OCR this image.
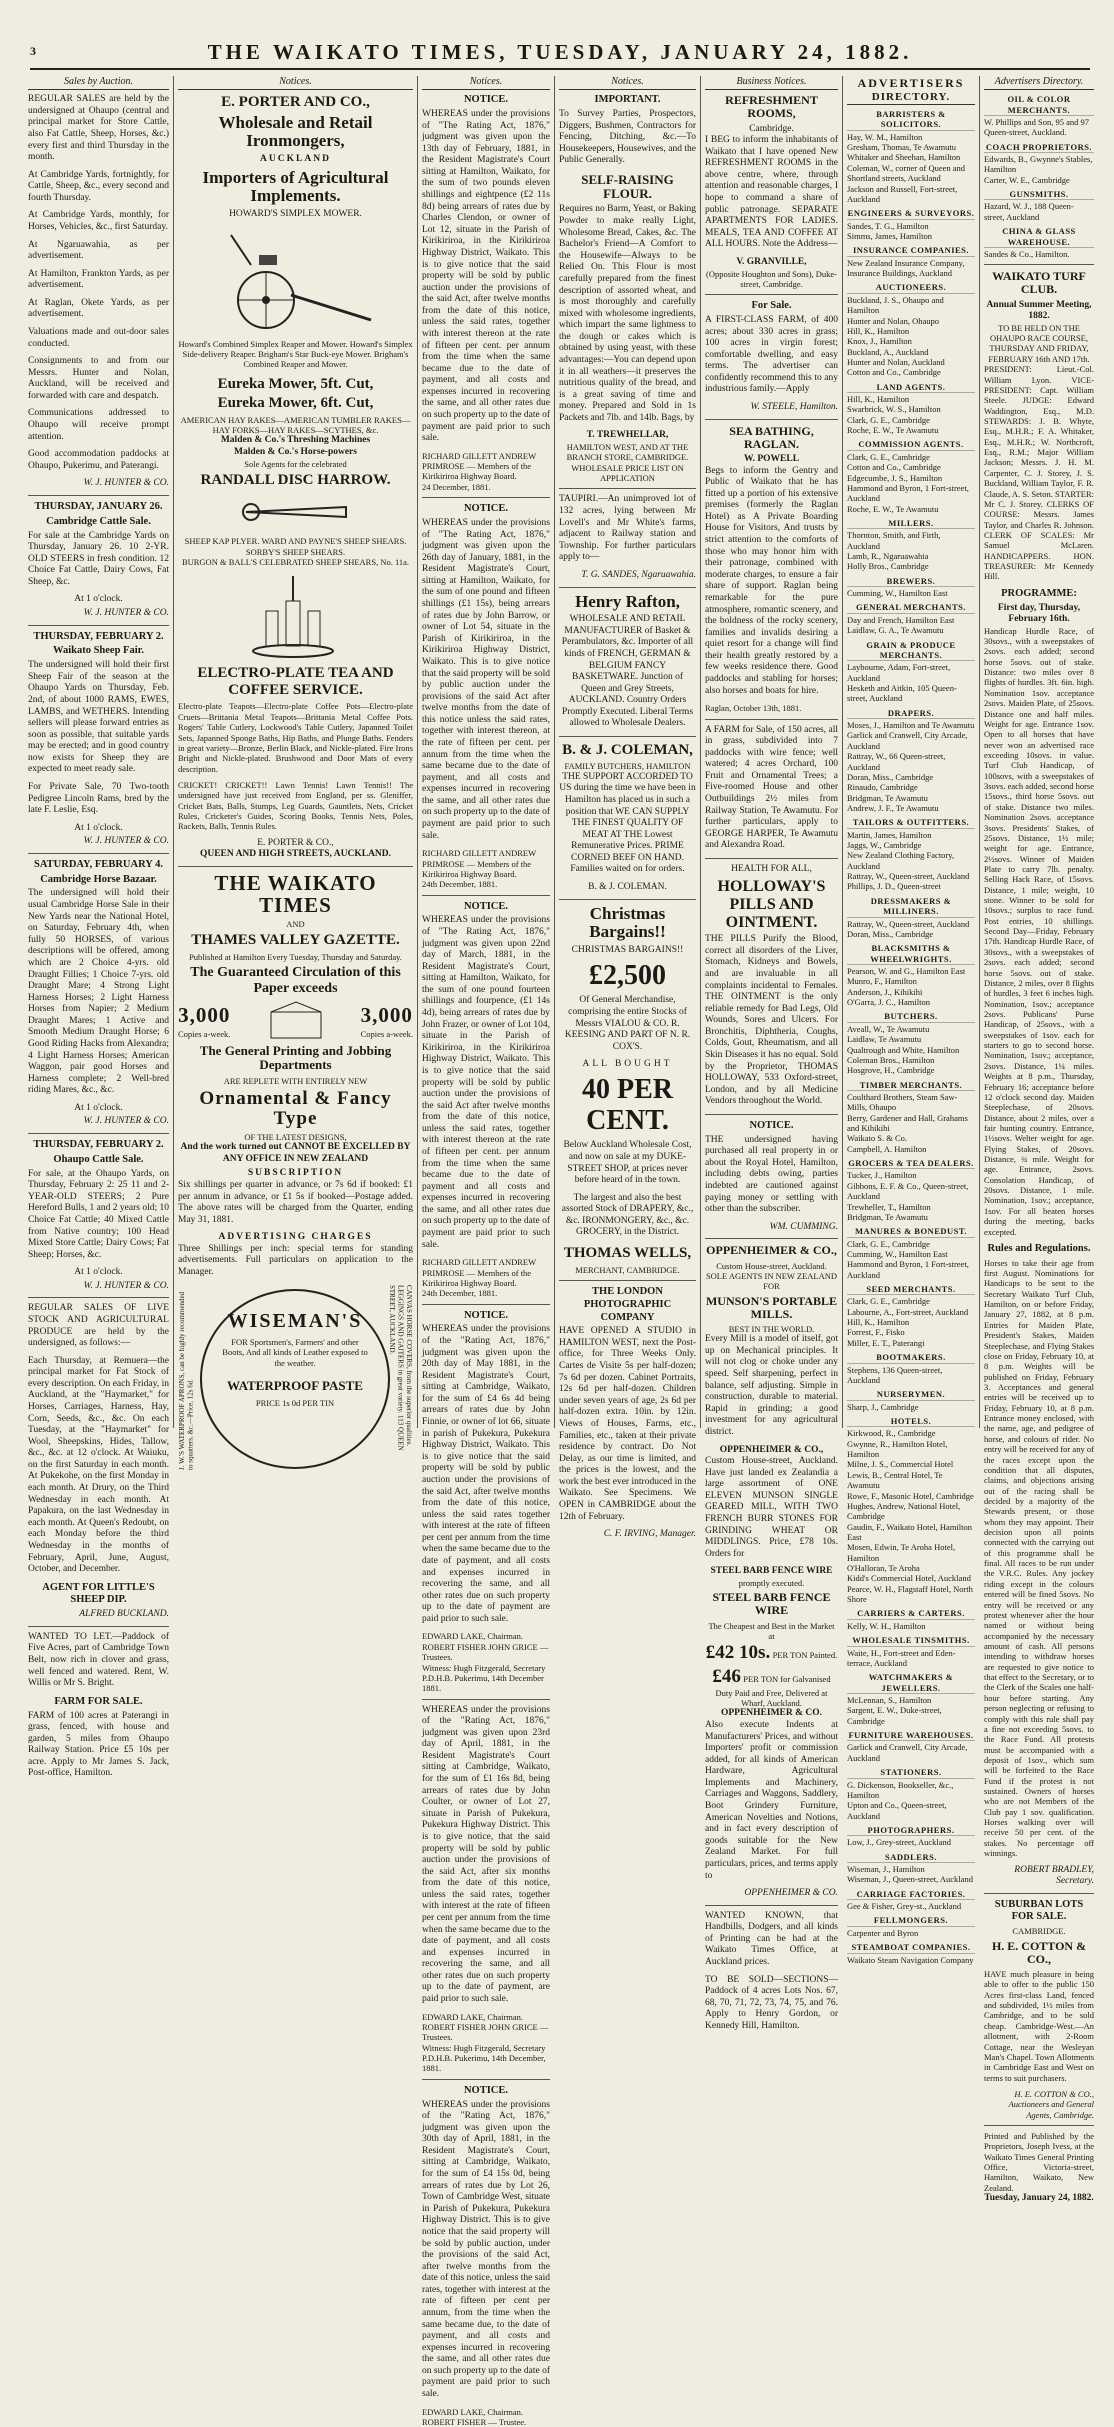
3	THE WAIKATO TIMES, TUESDAY, JANUARY 24, 1882.
Sales by Auction.
REGULAR SALES are held by the undersigned at Ohaupo (central and principal market for Store Cattle, also Fat Cattle, Sheep, Horses, &c.) every first and third Thursday in the month.
At Cambridge Yards, fortnightly, for Cattle, Sheep, &c., every second and fourth Thursday.
At Cambridge Yards, monthly, for Horses, Vehicles, &c., first Saturday.
At Ngaruawahia, as per advertisement.
At Hamilton, Frankton Yards, as per advertisement.
At Raglan, Okete Yards, as per advertisement.
Valuations made and out-door sales conducted.
Consignments to and from our Messrs. Hunter and Nolan, Auckland, will be received and forwarded with care and despatch.
Communications addressed to Ohaupo will receive prompt attention.
Good accommodation paddocks at Ohaupo, Pukerimu, and Paterangi.
W. J. HUNTER & CO.
THURSDAY, JANUARY 26.
Cambridge Cattle Sale.
For sale at the Cambridge Yards on Thursday, January 26. 10 2-YR. OLD STEERS in fresh condition. 12 Choice Fat Cattle, Dairy Cows, Fat Sheep, &c.
At 1 o'clock.
W. J. HUNTER & CO.
THURSDAY, FEBRUARY 2.
Waikato Sheep Fair.
The undersigned will hold their first Sheep Fair of the season at the Ohaupo Yards on Thursday, Feb. 2nd, of about 1000 RAMS, EWES, LAMBS, and WETHERS. Intending sellers will please forward entries as soon as possible, that suitable yards may be erected; and in good country now exists for Sheep they are expected to meet ready sale.
For Private Sale, 70 Two-tooth Pedigree Lincoln Rams, bred by the late F. Leslie, Esq.
At 1 o'clock.
W. J. HUNTER & CO.
SATURDAY, FEBRUARY 4.
Cambridge Horse Bazaar.
The undersigned will hold their usual Cambridge Horse Sale in their New Yards near the National Hotel, on Saturday, February 4th, when fully 50 HORSES, of various descriptions will be offered, among which are 2 Choice 4-yrs. old Draught Fillies; 1 Choice 7-yrs. old Draught Mare; 4 Strong Light Harness Horses; 2 Light Harness Horses from Napier; 2 Medium Draught Mares; 1 Active and Smooth Medium Draught Horse; 6 Good Riding Hacks from Alexandra; 4 Light Harness Horses; American Waggon, pair good Horses and Harness complete; 2 Well-bred riding Mares, &c., &c.
At 1 o'clock.
W. J. HUNTER & CO.
THURSDAY, FEBRUARY 2.
Ohaupo Cattle Sale.
For sale, at the Ohaupo Yards, on Thursday, February 2: 25 11 and 2-YEAR-OLD STEERS; 2 Pure Hereford Bulls, 1 and 2 years old; 10 Choice Fat Cattle; 40 Mixed Cattle from Native country; 100 Head Mixed Store Cattle; Dairy Cows; Fat Sheep; Horses, &c.
At 1 o'clock.
W. J. HUNTER & CO.
REGULAR SALES OF LIVE STOCK AND AGRICULTURAL PRODUCE are held by the undersigned, as follows:—
Each Thursday, at Remuera—the principal market for Fat Stock of every description. On each Friday, in Auckland, at the "Haymarket," for Horses, Carriages, Harness, Hay, Corn, Seeds, &c., &c. On each Tuesday, at the "Haymarket" for Wool, Sheepskins, Hides, Tallow, &c., &c. at 12 o'clock. At Waiuku, on the first Saturday in each month. At Pukekohe, on the first Monday in each month. At Drury, on the Third Wednesday in each month. At Papakura, on the last Wednesday in each month. At Queen's Redoubt, on each Monday before the third Wednesday in the months of February, April, June, August, October, and December.
AGENT FOR LITTLE'S SHEEP DIP.
ALFRED BUCKLAND.
WANTED TO LET.—Paddock of Five Acres, part of Cambridge Town Belt, now rich in clover and grass, well fenced and watered. Rent, W. Willis or Mr S. Bright.
FARM FOR SALE.
FARM of 100 acres at Paterangi in grass, fenced, with house and garden, 5 miles from Ohaupo Railway Station. Price £5 10s per acre. Apply to Mr James S. Jack, Post-office, Hamilton.
Notices.
E. PORTER AND CO.,
Wholesale and Retail Ironmongers,
AUCKLAND
Importers of Agricultural Implements.
HOWARD'S SIMPLEX MOWER.
Howard's Combined Simplex Reaper and Mower. Howard's Simplex Side-delivery Reaper. Brigham's Star Buck-eye Mower. Brigham's Combined Reaper and Mower.
Eureka Mower, 5ft. Cut,
Eureka Mower, 6ft. Cut,
AMERICAN HAY RAKES—AMERICAN TUMBLER RAKES—HAY FORKS—HAY RAKES—SCYTHES, &c.
Malden & Co.'s Threshing Machines
Malden & Co.'s Horse-powers
Sole Agents for the celebrated
RANDALL DISC HARROW.
SHEEP KAP PLYER. WARD AND PAYNE'S SHEEP SHEARS.
SORBY'S SHEEP SHEARS.
BURGON & BALL'S CELEBRATED SHEEP SHEARS, No. 11a.
ELECTRO-PLATE TEA AND COFFEE SERVICE.
Electro-plate Teapots—Electro-plate Coffee Pots—Electro-plate Cruets—Brittania Metal Teapots—Brittania Metal Coffee Pots. Rogers' Table Cutlery, Lockwood's Table Cutlery, Japanned Toilet Sets, Japanned Sponge Baths, Hip Baths, and Plunge Baths. Fenders in great variety—Bronze, Berlin Black, and Nickle-plated. Fire Irons Bright and Nickle-plated. Brushwood and Door Mats of every description.
CRICKET! CRICKET!! Lawn Tennis! Lawn Tennis!! The undersigned have just received from England, per ss. Gleniffer, Cricket Bats, Balls, Stumps, Leg Guards, Gauntlets, Nets, Cricket Rules, Cricketer's Guides, Scoring Books, Tennis Nets, Poles, Rackets, Balls, Tennis Rules.
E. PORTER & CO.,
QUEEN AND HIGH STREETS, AUCKLAND.
THE WAIKATO TIMES
AND
THAMES VALLEY GAZETTE.
Published at Hamilton Every Tuesday, Thursday and Saturday.
The Guaranteed Circulation of this Paper exceeds
3,000
Copies a-week.
3,000
Copies a-week.
The General Printing and Jobbing Departments
ARE REPLETE WITH ENTIRELY NEW
Ornamental & Fancy Type
OF THE LATEST DESIGNS,
And the work turned out CANNOT BE EXCELLED BY ANY OFFICE IN NEW ZEALAND
SUBSCRIPTION
Six shillings per quarter in advance, or 7s 6d if booked: £1 per annum in advance, or £1 5s if booked—Postage added. The above rates will be charged from the Quarter, ending May 31, 1881.
ADVERTISING CHARGES
Three Shillings per inch: special terms for standing advertisements. Full particulars on application to the Manager.
J. W.'S WATERPROOF APRONS, can be highly recommended to squatters, &c.—Price, 12s 6d.	CANVAS HORSE COVERS, from the superior qualities. LEGGINGS AND GAITERS in great variety. 113 QUEEN STREET, AUCKLAND.
WISEMAN'S
FOR Sportsmen's, Farmers' and other Boots, And all kinds of Leather exposed to the weather.
WATERPROOF PASTE
PRICE 1s 0d PER TIN
Notices.
NOTICE.
WHEREAS under the provisions of "The Rating Act, 1876," judgment was given upon the 13th day of February, 1881, in the Resident Magistrate's Court sitting at Hamilton, Waikato, for the sum of two pounds eleven shillings and eightpence (£2 11s 8d) being arrears of rates due by Charles Clendon, or owner of Lot 12, situate in the Parish of Kirikiriroa, in the Kirikiriroa Highway District, Waikato. This is to give notice that the said property will be sold by public auction under the provisions of the said Act, after twelve months from the date of this notice, unless the said rates, together with interest thereon at the rate of fifteen per cent. per annum from the time when the same became due to the date of payment, and all costs and expenses incurred in recovering the same, and all other rates due on such property up to the date of payment are paid prior to such sale.
RICHARD GILLETT ANDREW PRIMROSE — Members of the Kirikiriroa Highway Board.
24 December, 1881.
NOTICE.
WHEREAS under the provisions of "The Rating Act, 1876," judgment was given upon the 26th day of January, 1881, in the Resident Magistrate's Court, sitting at Hamilton, Waikato, for the sum of one pound and fifteen shillings (£1 15s), being arrears of rates due by John Barrow, or owner of Lot 54, situate in the Parish of Kirikiriroa, in the Kirikiriroa Highway District, Waikato. This is to give notice that the said property will be sold by public auction under the provisions of the said Act after twelve months from the date of this notice unless the said rates, together with interest thereon, at the rate of fifteen per cent. per annum from the time when the same became due to the date of payment, and all costs and expenses incurred in recovering the same, and all other rates due on such property up to the date of payment are paid prior to such sale.
RICHARD GILLETT ANDREW PRIMROSE — Members of the Kirikiriroa Highway Board.
24th December, 1881.
NOTICE.
WHEREAS under the provisions of "The Rating Act, 1876," judgment was given upon 22nd day of March, 1881, in the Resident Magistrate's Court, sitting at Hamilton, Waikato, for the sum of one pound fourteen shillings and fourpence, (£1 14s 4d), being arrears of rates due by John Frazer, or owner of Lot 104, situate in the Parish of Kirikiriroa, in the Kirikiriroa Highway District, Waikato. This is to give notice that the said property will be sold by public auction under the provisions of the said Act after twelve months from the date of this notice, unless the said rates, together with interest thereon at the rate of fifteen per cent. per annum from the time when the same became due to the date of payment and all costs and expenses incurred in recovering the same, and all other rates due on such property up to the date of payment are paid prior to such sale.
RICHARD GILLETT ANDREW PRIMROSE — Members of the Kirikiriroa Highway Board.
24th December, 1881.
NOTICE.
WHEREAS under the provisions of the "Rating Act, 1876," judgment was given upon the 20th day of May 1881, in the Resident Magistrate's Court, sitting at Cambridge, Waikato, for the sum of £4 6s 4d being arrears of rates due by John Finnie, or owner of lot 66, situate in parish of Pukekura, Pukekura Highway District, Waikato. This is to give notice that the said property will be sold by public auction under the provisions of the said Act, after twelve months from the date of this notice, unless the said rates together with interest at the rate of fifteen per cent per annum from the time when the same became due to the date of payment, and all costs and expenses incurred in recovering the same, and all other rates due on such property up to the date of payment are paid prior to such sale.
EDWARD LAKE, Chairman. ROBERT FISHER JOHN GRICE — Trustees.
Witness: Hugh Fitzgerald, Secretary P.D.H.B. Pukerimu, 14th December 1881.
WHEREAS under the provisions of the "Rating Act, 1876," judgment was given upon 23rd day of April, 1881, in the Resident Magistrate's Court sitting at Cambridge, Waikato, for the sum of £1 16s 8d, being arrears of rates due by John Coulter, or owner of Lot 27, situate in Parish of Pukekura, Pukekura Highway District. This is to give notice, that the said property will be sold by public auction under the provisions of the said Act, after six months from the date of this notice, unless the said rates, together with interest at the rate of fifteen per cent per annum from the time when the same became due to the date of payment, and all costs and expenses incurred in recovering the same, and all other rates due on such property up to the date of payment, are paid prior to such sale.
EDWARD LAKE, Chairman. ROBERT FISHER JOHN GRICE — Trustees.
Witness: Hugh Fitzgerald, Secretary P.D.H.B. Pukerimu, 14th December, 1881.
NOTICE.
WHEREAS under the provisions of the "Rating Act, 1876," judgment was given upon the 30th day of April, 1881, in the Resident Magistrate's Court, sitting at Cambridge, Waikato, for the sum of £4 15s 0d, being arrears of rates due by Lot 26, Town of Cambridge West, situate in Parish of Pukekura, Pukekura Highway District. This is to give notice that the said property will be sold by public auction, under the provisions of the said Act, after twelve months from the date of this notice, unless the said rates, together with interest at the rate of fifteen per cent per annum, from the time when the same became due, to the date of payment, and all costs and expenses incurred in recovering the same, and all other rates due on such property up to the date of payment are paid prior to such sale.
EDWARD LAKE, Chairman. ROBERT FISHER — Trustee.
Notices.
IMPORTANT.
To Survey Parties, Prospectors, Diggers, Bushmen, Contractors for Fencing, Ditching, &c.—To Housekeepers, Housewives, and the Public Generally.
SELF-RAISING FLOUR.
Requires no Barm, Yeast, or Baking Powder to make really Light, Wholesome Bread, Cakes, &c. The Bachelor's Friend—A Comfort to the Housewife—Always to be Relied On. This Flour is most carefully prepared from the finest description of assorted wheat, and is most thoroughly and carefully mixed with wholesome ingredients, which impart the same lightness to the dough or cakes which is obtained by using yeast, with these advantages:—You can depend upon it in all weathers—it preserves the nutritious quality of the bread, and is a great saving of time and money. Prepared and Sold in 1s Packets and 7lb. and 14lb. Bags, by
T. TREWHELLAR,
HAMILTON WEST, AND AT THE BRANCH STORE, CAMBRIDGE.
WHOLESALE PRICE LIST ON APPLICATION
TAUPIRI.—An unimproved lot of 132 acres, lying between Mr Lovell's and Mr White's farms, adjacent to Railway station and Township. For further particulars apply to—
T. G. SANDES, Ngaruawahia.
Henry Rafton,
WHOLESALE AND RETAIL MANUFACTURER of Basket & Perambulators, &c. Importer of all kinds of FRENCH, GERMAN & BELGIUM FANCY BASKETWARE. Junction of Queen and Grey Streets, AUCKLAND. Country Orders Promptly Executed. Liberal Terms allowed to Wholesale Dealers.
B. & J. COLEMAN,
FAMILY BUTCHERS, HAMILTON
THE SUPPORT ACCORDED TO US during the time we have been in Hamilton has placed us in such a position that WE CAN SUPPLY THE FINEST QUALITY OF MEAT AT THE Lowest Remunerative Prices. PRIME CORNED BEEF ON HAND. Families waited on for orders.
B. & J. COLEMAN.
Christmas Bargains!!
CHRISTMAS BARGAINS!!
£2,500
Of General Merchandise, comprising the entire Stocks of Messrs VIALOU & CO. R. KEESING AND PART OF N. R. COX'S.
ALL BOUGHT
40 PER CENT.
Below Auckland Wholesale Cost, and now on sale at my DUKE-STREET SHOP, at prices never before heard of in the town.
The largest and also the best assorted Stock of DRAPERY, &c., &c. IRONMONGERY, &c., &c. GROCERY, in the District.
THOMAS WELLS,
MERCHANT, CAMBRIDGE.
THE LONDON PHOTOGRAPHIC COMPANY
HAVE OPENED A STUDIO in HAMILTON WEST, next the Post-office, for Three Weeks Only. Cartes de Visite 5s per half-dozen; 7s 6d per dozen. Cabinet Portraits, 12s 6d per half-dozen. Children under seven years of age, 2s 6d per half-dozen extra. 10in. by 12in. Views of Houses, Farms, etc., Families, etc., taken at their private residence by contract. Do Not Delay, as our time is limited, and the prices is the lowest, and the work the best ever introduced in the Waikato. See Specimens. We OPEN in CAMBRIDGE about the 12th of February.
C. F. IRVING, Manager.
Business Notices.
REFRESHMENT ROOMS,
Cambridge.
I BEG to inform the inhabitants of Waikato that I have opened New REFRESHMENT ROOMS in the above centre, where, through attention and reasonable charges, I hope to command a share of public patronage. SEPARATE APARTMENTS FOR LADIES. MEALS, TEA AND COFFEE AT ALL HOURS. Note the Address—
V. GRANVILLE,
(Opposite Houghton and Sons), Duke-street, Cambridge.
For Sale.
A FIRST-CLASS FARM, of 400 acres; about 330 acres in grass; 100 acres in virgin forest; comfortable dwelling, and easy terms. The advertiser can confidently recommend this to any industrious family.—Apply
W. STEELE, Hamilton.
SEA BATHING, RAGLAN.
W. POWELL
Begs to inform the Gentry and Public of Waikato that he has fitted up a portion of his extensive premises (formerly the Raglan Hotel) as A Private Boarding House for Visitors, And trusts by strict attention to the comforts of those who may honor him with their patronage, combined with moderate charges, to ensure a fair share of support. Raglan being remarkable for the pure atmosphere, romantic scenery, and the boldness of the rocky scenery, families and invalids desiring a quiet resort for a change will find their health greatly restored by a few weeks residence there. Good paddocks and stabling for horses; also horses and boats for hire.
Raglan, October 13th, 1881.
A FARM for Sale, of 150 acres, all in grass, subdivided into 7 paddocks with wire fence; well watered; 4 acres Orchard, 100 Fruit and Ornamental Trees; a Five-roomed House and other Outbuildings 2½ miles from Railway Station, Te Awamutu. For further particulars, apply to GEORGE HARPER, Te Awamutu and Alexandra Road.
HEALTH FOR ALL,
HOLLOWAY'S PILLS AND OINTMENT.
THE PILLS Purify the Blood, correct all disorders of the Liver, Stomach, Kidneys and Bowels, and are invaluable in all complaints incidental to Females. THE OINTMENT is the only reliable remedy for Bad Legs, Old Wounds, Sores and Ulcers. For Bronchitis, Diphtheria, Coughs, Colds, Gout, Rheumatism, and all Skin Diseases it has no equal. Sold by the Proprietor, THOMAS HOLLOWAY, 533 Oxford-street, London, and by all Medicine Vendors throughout the World.
NOTICE.
THE undersigned having purchased all real property in or about the Royal Hotel, Hamilton, including debts owing, parties indebted are cautioned against paying money or settling with other than the subscriber.
WM. CUMMING.
OPPENHEIMER & CO.,
Custom House-street, Auckland.
SOLE AGENTS IN NEW ZEALAND FOR
MUNSON'S PORTABLE MILLS.
BEST IN THE WORLD.
Every Mill is a model of itself, got up on Mechanical principles. It will not clog or choke under any speed. Self sharpening, perfect in balance, self adjusting. Simple in construction, durable to material. Rapid in grinding; a good investment for any agricultural district.
OPPENHEIMER & CO.,
Custom House-street, Auckland. Have just landed ex Zealandia a large assortment of ONE ELEVEN MUNSON SINGLE GEARED MILL, WITH TWO FRENCH BURR STONES FOR GRINDING WHEAT OR MIDDLINGS. Price, £78 10s. Orders for
STEEL BARB FENCE WIRE
promptly executed.
STEEL BARB FENCE WIRE
The Cheapest and Best in the Market at
£42 10s. PER TON Painted.
£46 PER TON for Galvanised
Duty Paid and Free, Delivered at Wharf, Auckland.
OPPENHEIMER & CO.
Also execute Indents at Manufacturers' Prices, and without Importers' profit or commission added, for all kinds of American Hardware, Agricultural Implements and Machinery, Carriages and Waggons, Saddlery, Boot Grindery Furniture, American Novelties and Notions, and in fact every description of goods suitable for the New Zealand Market. For full particulars, prices, and terms apply to
OPPENHEIMER & CO.
WANTED KNOWN, that Handbills, Dodgers, and all kinds of Printing can be had at the Waikato Times Office, at Auckland prices.
TO BE SOLD—SECTIONS—Paddock of 4 acres Lots Nos. 67, 68, 70, 71, 72, 73, 74, 75, and 76. Apply to Henry Gordon, or Kennedy Hill, Hamilton.
ADVERTISERS
DIRECTORY.
BARRISTERS & SOLICITORS.
Hay, W. M., Hamilton
Gresham, Thomas, Te Awamutu
Whitaker and Sheehan, Hamilton
Coleman, W., corner of Queen and Shortland streets, Auckland
Jackson and Russell, Fort-street, Auckland
ENGINEERS & SURVEYORS.
Sandes, T. G., Hamilton
Simms, James, Hamilton
INSURANCE COMPANIES.
New Zealand Insurance Company, Insurance Buildings, Auckland
AUCTIONEERS.
Buckland, J. S., Ohaupo and Hamilton
Hunter and Nolan, Ohaupo
Hill, K., Hamilton
Knox, J., Hamilton
Buckland, A., Auckland
Hunter and Nolan, Auckland
Cotton and Co., Cambridge
LAND AGENTS.
Hill, K., Hamilton
Swarbrick, W. S., Hamilton
Clark, G. E., Cambridge
Roche, E. W., Te Awamutu
COMMISSION AGENTS.
Clark, G. E., Cambridge
Cotton and Co., Cambridge
Edgecumbe, J. S., Hamilton
Hammond and Byron, 1 Fort-street, Auckland
Roche, E. W., Te Awamutu
MILLERS.
Thornton, Smith, and Firth, Auckland
Lamb, R., Ngaruawahia
Holly Bros., Cambridge
BREWERS.
Cumming, W., Hamilton East
GENERAL MERCHANTS.
Day and French, Hamilton East
Laidlaw, G. A., Te Awamutu
GRAIN & PRODUCE MERCHANTS.
Laybourne, Adam, Fort-street, Auckland
Hesketh and Aitkin, 105 Queen-street, Auckland
DRAPERS.
Moses, J., Hamilton and Te Awamutu
Garlick and Cranwell, City Arcade, Auckland
Rattray, W., 66 Queen-street, Auckland
Doran, Miss., Cambridge
Rinaudo, Cambridge
Bridgman, Te Awamutu
Andrew, J. F., Te Awamutu
TAILORS & OUTFITTERS.
Martin, James, Hamilton
Jaggs, W., Cambridge
New Zealand Clothing Factory, Auckland
Rattray, W., Queen-street, Auckland
Phillips, J. D., Queen-street
DRESSMAKERS & MILLINERS.
Rattray, W., Queen-street, Auckland
Doran, Miss., Cambridge
BLACKSMITHS & WHEELWRIGHTS.
Pearson, W. and G., Hamilton East
Munro, F., Hamilton
Anderson, J., Kihikihi
O'Garra, J. C., Hamilton
BUTCHERS.
Aveall, W., Te Awamutu
Laidlaw, Te Awamutu
Qualtrough and White, Hamilton
Coleman Bros., Hamilton
Hosgrove, H., Cambridge
TIMBER MERCHANTS.
Coulthard Brothers, Steam Saw-Mills, Ohaupo
Berry, Gardener and Hall, Grahams and Kihikihi
Waikato S. & Co.
Campbell, A. Hamilton
GROCERS & TEA DEALERS.
Tucker, J., Hamilton
Gibbons, E. F. & Co., Queen-street, Auckland
Trewheller, T., Hamilton
Bridgman, Te Awamutu
MANURES & BONEDUST.
Clark, G. E., Cambridge
Cumming, W., Hamilton East
Hammond and Byron, 1 Fort-street, Auckland
SEED MERCHANTS.
Clark, G. E., Cambridge
Labourne, A., Fort-street, Auckland
Hill, K., Hamilton
Forrest, F., Fisko
Miller, E. T., Paterangi
BOOTMAKERS.
Stephens, 136 Queen-street, Auckland
NURSERYMEN.
Sharp, J., Cambridge
HOTELS.
Kirkwood, R., Cambridge
Gwynne, R., Hamilton Hotel, Hamilton
Milne, J. S., Commercial Hotel
Lewis, B., Central Hotel, Te Awamutu
Rowe, F., Masonic Hotel, Cambridge
Hughes, Andrew, National Hotel, Cambridge
Gaudin, F., Waikato Hotel, Hamilton East
Mosen, Edwin, Te Aroha Hotel, Hamilton
O'Halloran, Te Aroha
Kidd's Commercial Hotel, Auckland
Pearce, W. H., Flagstaff Hotel, North Shore
CARRIERS & CARTERS.
Kelly, W. H., Hamilton
WHOLESALE TINSMITHS.
Waite, H., Fort-street and Eden-terrace, Auckland
WATCHMAKERS & JEWELLERS.
McLennan, S., Hamilton
Sargent, E. W., Duke-street, Cambridge
FURNITURE WAREHOUSES.
Garlick and Cranwell, City Arcade, Auckland
STATIONERS.
G. Dickenson, Bookseller, &c., Hamilton
Upton and Co., Queen-street, Auckland
PHOTOGRAPHERS.
Low, J., Grey-street, Auckland
SADDLERS.
Wiseman, J., Hamilton
Wiseman, J., Queen-street, Auckland
CARRIAGE FACTORIES.
Gee & Fisher, Grey-st., Auckland
FELLMONGERS.
Carpenter and Byron
STEAMBOAT COMPANIES.
Waikato Steam Navigation Company
Advertisers Directory.
OIL & COLOR MERCHANTS.
W. Phillips and Son, 95 and 97 Queen-street, Auckland.
COACH PROPRIETORS.
Edwards, B., Gwynne's Stables, Hamilton
Carter, W. E., Cambridge
GUNSMITHS.
Hazard, W. J., 188 Queen-street, Auckland
CHINA & GLASS WAREHOUSE.
Sandes & Co., Hamilton.
WAIKATO TURF CLUB.
Annual Summer Meeting, 1882.
TO BE HELD ON THE OHAUPO RACE COURSE,
THURSDAY AND FRIDAY, FEBRUARY 16th AND 17th.
PRESIDENT: Lieut.-Col. William Lyon. VICE-PRESIDENT: Capt. William Steele. JUDGE: Edward Waddington, Esq., M.D. STEWARDS: J. B. Whyte, Esq., M.H.R.; F. A. Whitaker, Esq., M.H.R.; W. Northcroft, Esq., R.M.; Major William Jackson; Messrs. J. H. M. Carpenter, C. J. Storey, J. S. Buckland, William Taylor, F. R. Claude, A. S. Seton. STARTER: Mr C. J. Storey. CLERKS OF COURSE: Messrs. James Taylor, and Charles R. Johnson. CLERK OF SCALES: Mr Samuel McLaren. HANDICAPPERS. HON. TREASURER: Mr Kennedy Hill.
PROGRAMME:
First day, Thursday, February 16th.
Handicap Hurdle Race, of 30sovs., with a sweepstakes of 2sovs. each added; second horse 5sovs. out of stake. Distance: two miles over 8 flights of hurdles. 3ft. 6in. high. Nomination 1sov. acceptance 2sovs. Maiden Plate, of 25sovs. Distance one and half miles. Weight for age. Entrance 1sov. Open to all horses that have never won an advertised race exceeding 10sovs. in value. Turf Club Handicap, of 100sovs, with a sweepstakes of 3sovs. each added, second horse 15sovs., third horse 5sovs. out of stake. Distance two miles. Nomination 2sovs. acceptance 3sovs. Presidents' Stakes, of 25sovs. Distance, 1½ mile; weight for age. Entrance, 2½sovs. Winner of Maiden Plate to carry 7lb. penalty. Selling Hack Race, of 15sovs. Distance, 1 mile; weight, 10 stone. Winner to be sold for 10sovs.; surplus to race fund. Post entries, 10 shillings. Second Day—Friday, February 17th. Handicap Hurdle Race, of 30sovs., with a sweepstakes of 2sovs. each added; second horse 5sovs. out of stake. Distance, 2 miles, over 8 flights of hurdles, 3 feet 6 inches high. Nomination, 1sov.; acceptance 2sovs. Publicans' Purse Handicap, of 25sovs., with a sweepstakes of 1sov. each for starters to go to second horse. Nomination, 1sov.; acceptance, 2sovs. Distance, 1¼ miles. Weights at 8 p.m., Thursday, February 16; acceptance before 12 o'clock second day. Maiden Steeplechase, of 20sovs. Distance, about 2 miles, over a fair hunting country. Entrance, 1½sovs. Welter weight for age. Flying Stakes, of 20sovs. Distance, ¾ mile. Weight for age. Entrance, 2sovs. Consolation Handicap, of 20sovs. Distance, 1 mile. Nomination, 1sov.; acceptance, 1sov. For all beaten horses during the meeting, backs excepted.
Rules and Regulations.
Horses to take their age from first August. Nominations for Handicaps to be sent to the Secretary Waikato Turf Club, Hamilton, on or before Friday, January 27, 1882, at 8 p.m. Entries for Maiden Plate, President's Stakes, Maiden Steeplechase, and Flying Stakes close on Friday, February 10, at 8 p.m. Weights will be published on Friday, February 3. Acceptances and general entries will be received up to Friday, February 10, at 8 p.m. Entrance money enclosed, with the name, age, and pedigree of horse, and colours of rider. No entry will be received for any of the races except upon the condition that all disputes, claims, and objections arising out of the racing shall be decided by a majority of the Stewards present, or those whom they may appoint. Their decision upon all points connected with the carrying out of this programme shall be final. All races to be run under the V.R.C. Rules. Any jockey riding except in the colours entered will be fined 5sovs. No entry will be received or any protest whenever after the hour named or without being accompanied by the necessary amount of cash. All persons intending to withdraw horses are requested to give notice to that effect to the Secretary, or to the Clerk of the Scales one half-hour before starting. Any person neglecting or refusing to comply with this rule shall pay a fine not exceeding 5sovs. to the Race Fund. All protests must be accompanied with a deposit of 1sov., which sum will be forfeited to the Race Fund if the protest is not sustained. Owners of horses who are not Members of the Club pay 1 sov. qualification. Horses walking over will receive 50 per cent. of the stakes. No percentage off winnings.
ROBERT BRADLEY, Secretary.
SUBURBAN LOTS FOR SALE.
CAMBRIDGE.
H. E. COTTON & CO.,
HAVE much pleasure in being able to offer to the public 150 Acres first-class Land, fenced and subdivided, 1½ miles from Cambridge, and to be sold cheap. Cambridge-West.—An allotment, with 2-Room Cottage, near the Wesleyan Man's Chapel. Town Allotments in Cambridge East and West on terms to suit purchasers.
H. E. COTTON & CO., Auctioneers and General Agents, Cambridge.
Printed and Published by the Proprietors, Joseph Ivess, at the Waikato Times General Printing Office, Victoria-street, Hamilton, Waikato, New Zealand.
Tuesday, January 24, 1882.
